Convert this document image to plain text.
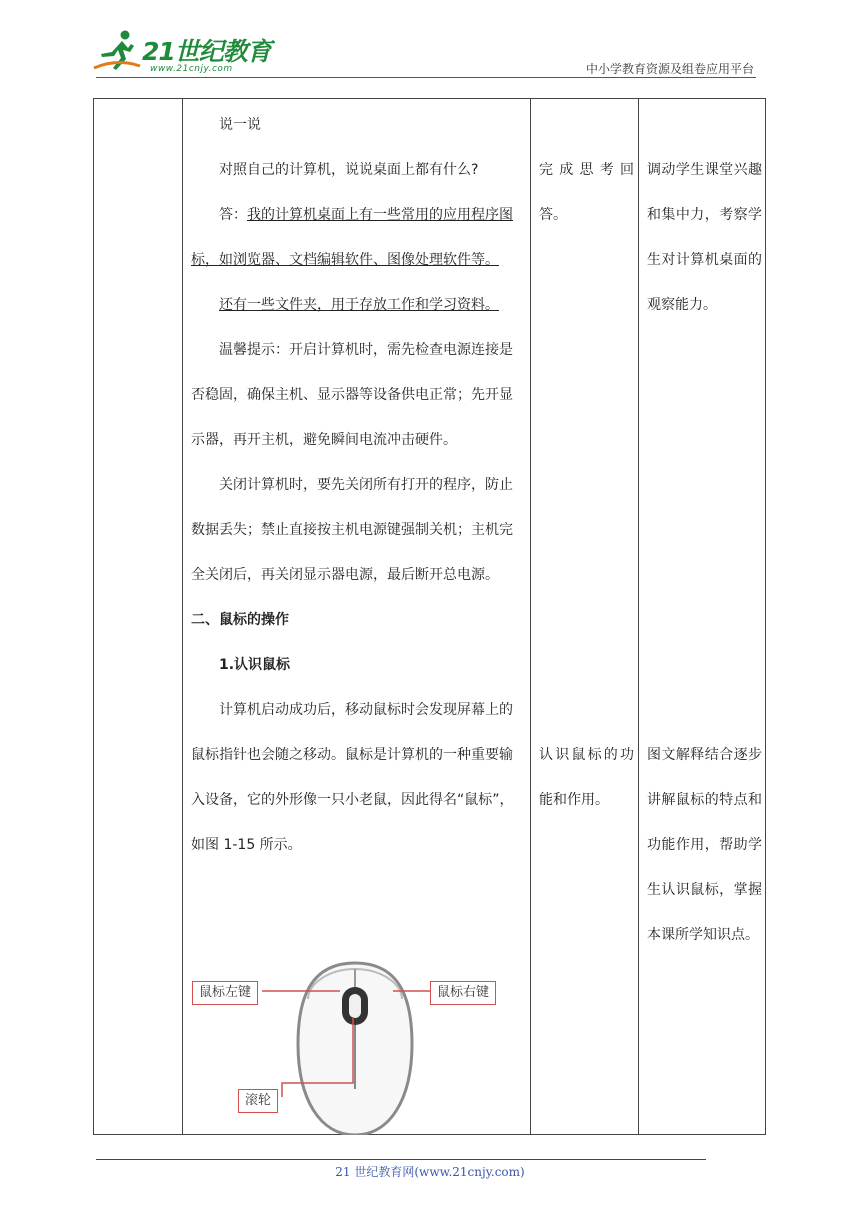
21世纪教育
www.21cnjy.com	中小学教育资源及组卷应用平台

说一说

对照自己的计算机，说说桌面上都有什么?

答：我的计算机桌面上有一些常用的应用程序图标，如浏览器、文档编辑软件、图像处理软件等。

还有一些文件夹，用于存放工作和学习资料。

温馨提示：开启计算机时，需先检查电源连接是否稳固，确保主机、显示器等设备供电正常；先开显示器，再开主机，避免瞬间电流冲击硬件。

关闭计算机时，要先关闭所有打开的程序，防止数据丢失；禁止直接按主机电源键强制关机；主机完全关闭后，再关闭显示器电源，最后断开总电源。

二、鼠标的操作

1.认识鼠标

计算机启动成功后，移动鼠标时会发现屏幕上的鼠标指针也会随之移动。鼠标是计算机的一种重要输入设备，它的外形像一只小老鼠，因此得名“鼠标”，如图 1-15 所示。

完成思考回答。

认识鼠标的功能和作用。

调动学生课堂兴趣和集中力，考察学生对计算机桌面的观察能力。

图文解释结合逐步讲解鼠标的特点和功能作用，帮助学生认识鼠标，掌握本课所学知识点。

鼠标左键	鼠标右键
滚轮
21 世纪教育网(www.21cnjy.com)
